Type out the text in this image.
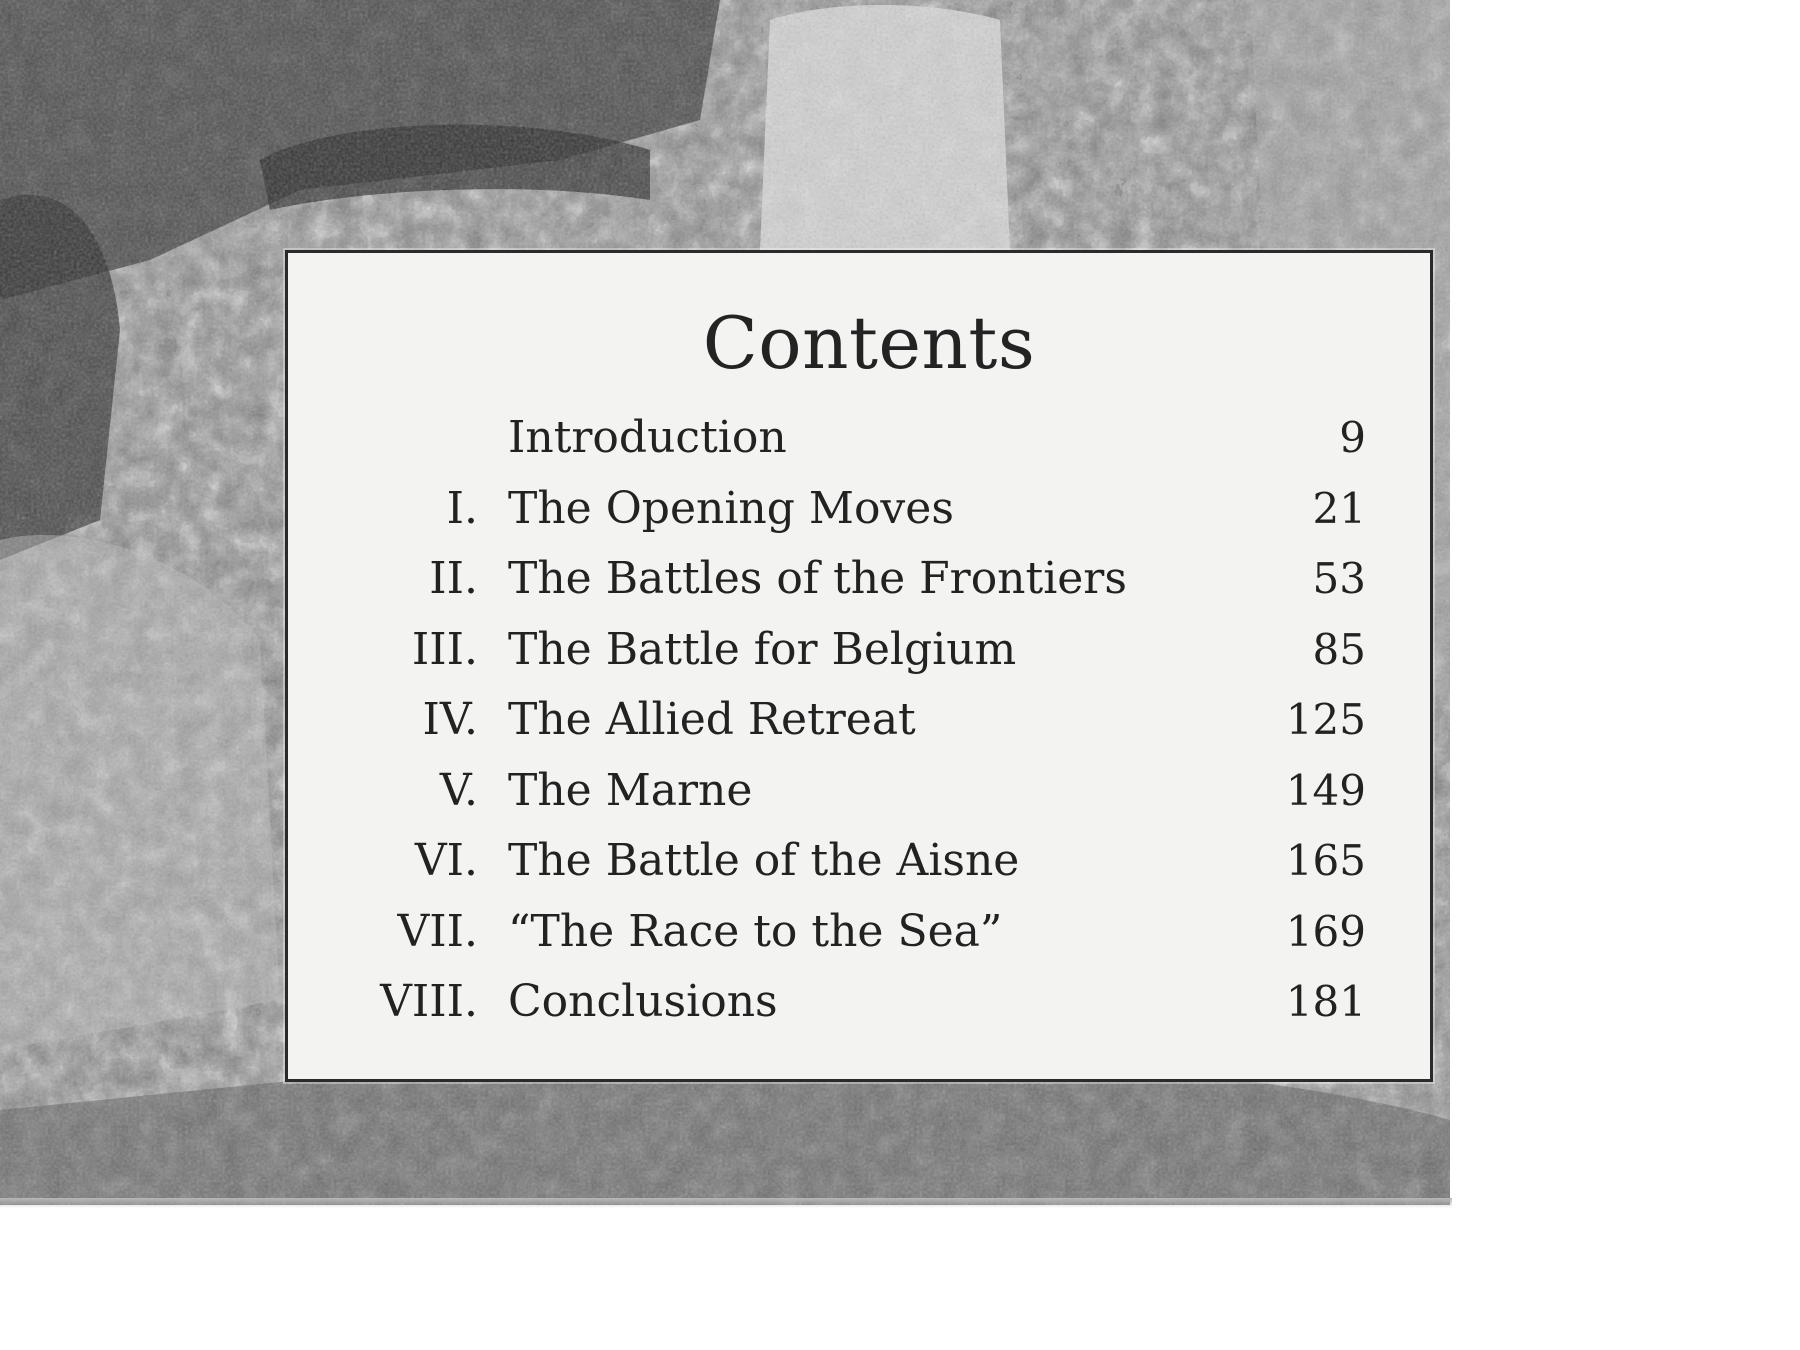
Contents
Introduction	9
I. The Opening Moves	21
II. The Battles of the Frontiers	53
III. The Battle for Belgium	85
IV. The Allied Retreat	125
V. The Marne	149
VI. The Battle of the Aisne	165
VII. “The Race to the Sea”	169
VIII. Conclusions	181
